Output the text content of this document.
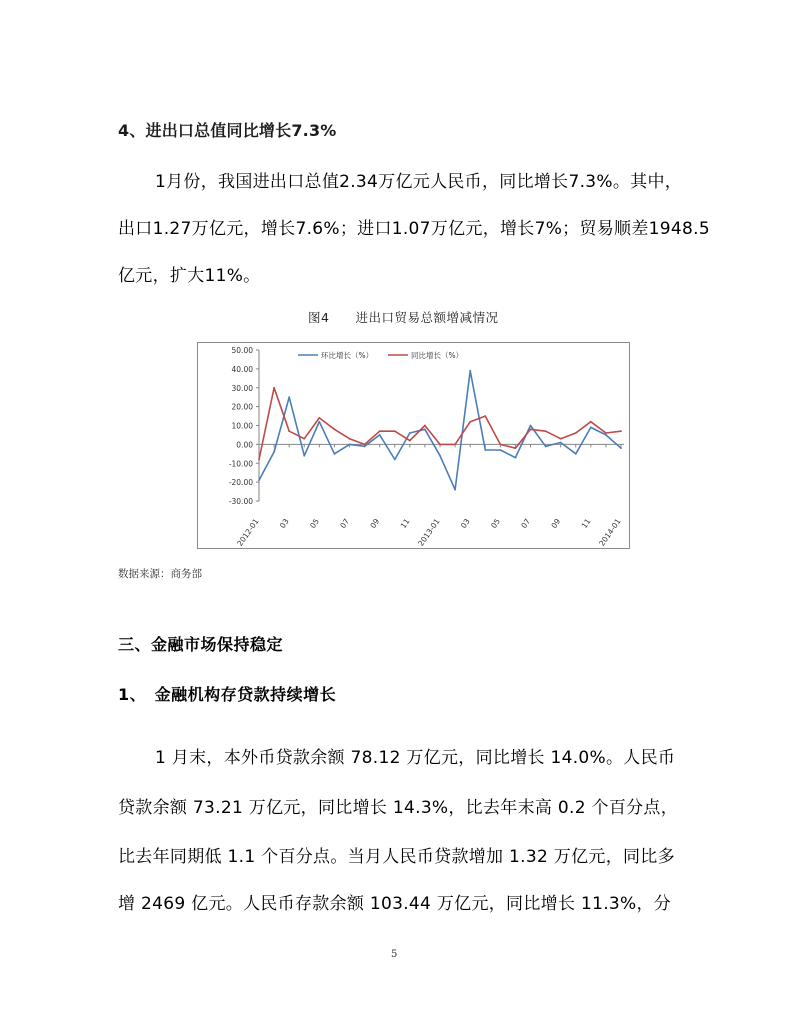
4、进出口总值同比增长7.3%
1月份，我国进出口总值2.34万亿元人民币，同比增长7.3%。其中，
出口1.27万亿元，增长7.6%；进口1.07万亿元，增长7%；贸易顺差1948.5
亿元，扩大11%。
图4　　进出口贸易总额增减情况
50.00
40.00
30.00
20.00
10.00
0.00
-10.00
-20.00
-30.00
2012-01 03 05 07 09 11 2013-01 03 05 07 09 11 2014-01
环比增长（%）	同比增长（%）
数据来源：商务部
三、金融市场保持稳定
1、　金融机构存贷款持续增长
1 月末，本外币贷款余额 78.12 万亿元，同比增长 14.0%。人民币
贷款余额 73.21 万亿元，同比增长 14.3%，比去年末高 0.2 个百分点，
比去年同期低 1.1 个百分点。当月人民币贷款增加 1.32 万亿元，同比多
增 2469 亿元。人民币存款余额 103.44 万亿元，同比增长 11.3%，分
5
